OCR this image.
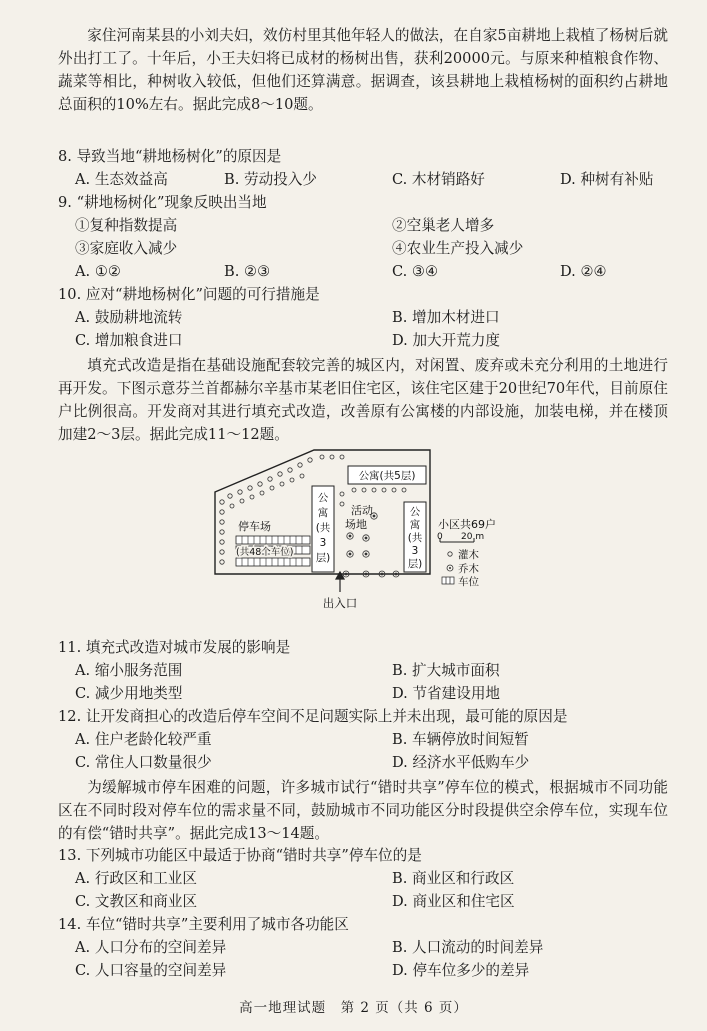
家住河南某县的小刘夫妇，效仿村里其他年轻人的做法，在自家5亩耕地上栽植了杨树后就外出打工了。十年后，小王夫妇将已成材的杨树出售，获利20000元。与原来种植粮食作物、蔬菜等相比，种树收入较低，但他们还算满意。据调查，该县耕地上栽植杨树的面积约占耕地总面积的10%左右。据此完成8～10题。

8. 导致当地“耕地杨树化”的原因是

A. 生态效益高	B. 劳动投入少	C. 木材销路好	D. 种树有补贴

9. “耕地杨树化”现象反映出当地

①复种指数提高	②空巢老人增多

③家庭收入减少	④农业生产投入减少

A. ①②	B. ②③	C. ③④	D. ②④

10. 应对“耕地杨树化”问题的可行措施是

A. 鼓励耕地流转	B. 增加木材进口

C. 增加粮食进口	D. 加大开荒力度

填充式改造是指在基础设施配套较完善的城区内，对闲置、废弃或未充分利用的土地进行再开发。下图示意芬兰首都赫尔辛基市某老旧住宅区，该住宅区建于20世纪70年代，目前原住户比例很高。开发商对其进行填充式改造，改善原有公寓楼的内部设施，加装电梯，并在楼顶加建2～3层。据此完成11～12题。

停车场
(共48个车位)
公
寓
(共
3
层)
公寓(共5层)
活动
场地
公
寓
(共
3
层)
出入口
小区共69户
0 20 m
灌木
乔木
车位

11. 填充式改造对城市发展的影响是

A. 缩小服务范围	B. 扩大城市面积

C. 减少用地类型	D. 节省建设用地

12. 让开发商担心的改造后停车空间不足问题实际上并未出现，最可能的原因是

A. 住户老龄化较严重	B. 车辆停放时间短暂

C. 常住人口数量很少	D. 经济水平低购车少

为缓解城市停车困难的问题，许多城市试行“错时共享”停车位的模式，根据城市不同功能区在不同时段对停车位的需求量不同，鼓励城市不同功能区分时段提供空余停车位，实现车位的有偿“错时共享”。据此完成13～14题。

13. 下列城市功能区中最适于协商“错时共享”停车位的是

A. 行政区和工业区	B. 商业区和行政区

C. 文教区和商业区	D. 商业区和住宅区

14. 车位“错时共享”主要利用了城市各功能区

A. 人口分布的空间差异	B. 人口流动的时间差异

C. 人口容量的空间差异	D. 停车位多少的差异

高一地理试题　第 2 页（共 6 页）
